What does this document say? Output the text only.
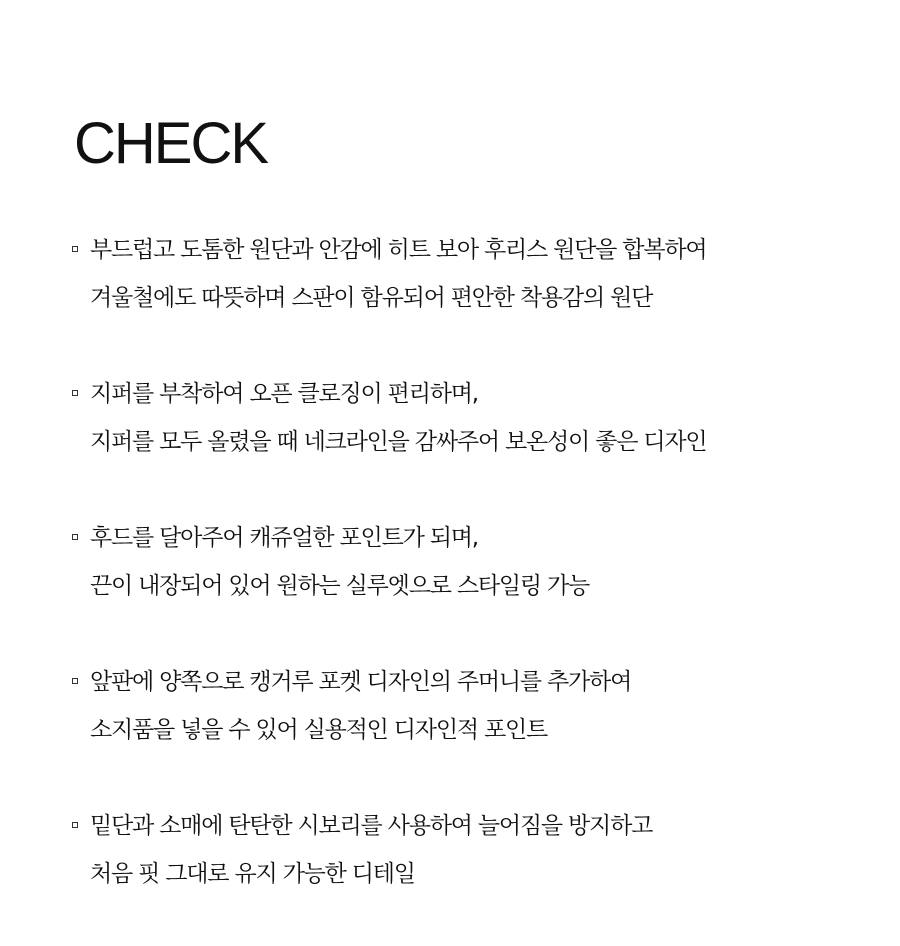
CHECK
부드럽고 도톰한 원단과 안감에 히트 보아 후리스 원단을 합복하여
겨울철에도 따뜻하며 스판이 함유되어 편안한 착용감의 원단
지퍼를 부착하여 오픈 클로징이 편리하며,
지퍼를 모두 올렸을 때 네크라인을 감싸주어 보온성이 좋은 디자인
후드를 달아주어 캐쥬얼한 포인트가 되며,
끈이 내장되어 있어 원하는 실루엣으로 스타일링 가능
앞판에 양쪽으로 캥거루 포켓 디자인의 주머니를 추가하여
소지품을 넣을 수 있어 실용적인 디자인적 포인트
밑단과 소매에 탄탄한 시보리를 사용하여 늘어짐을 방지하고
처음 핏 그대로 유지 가능한 디테일
